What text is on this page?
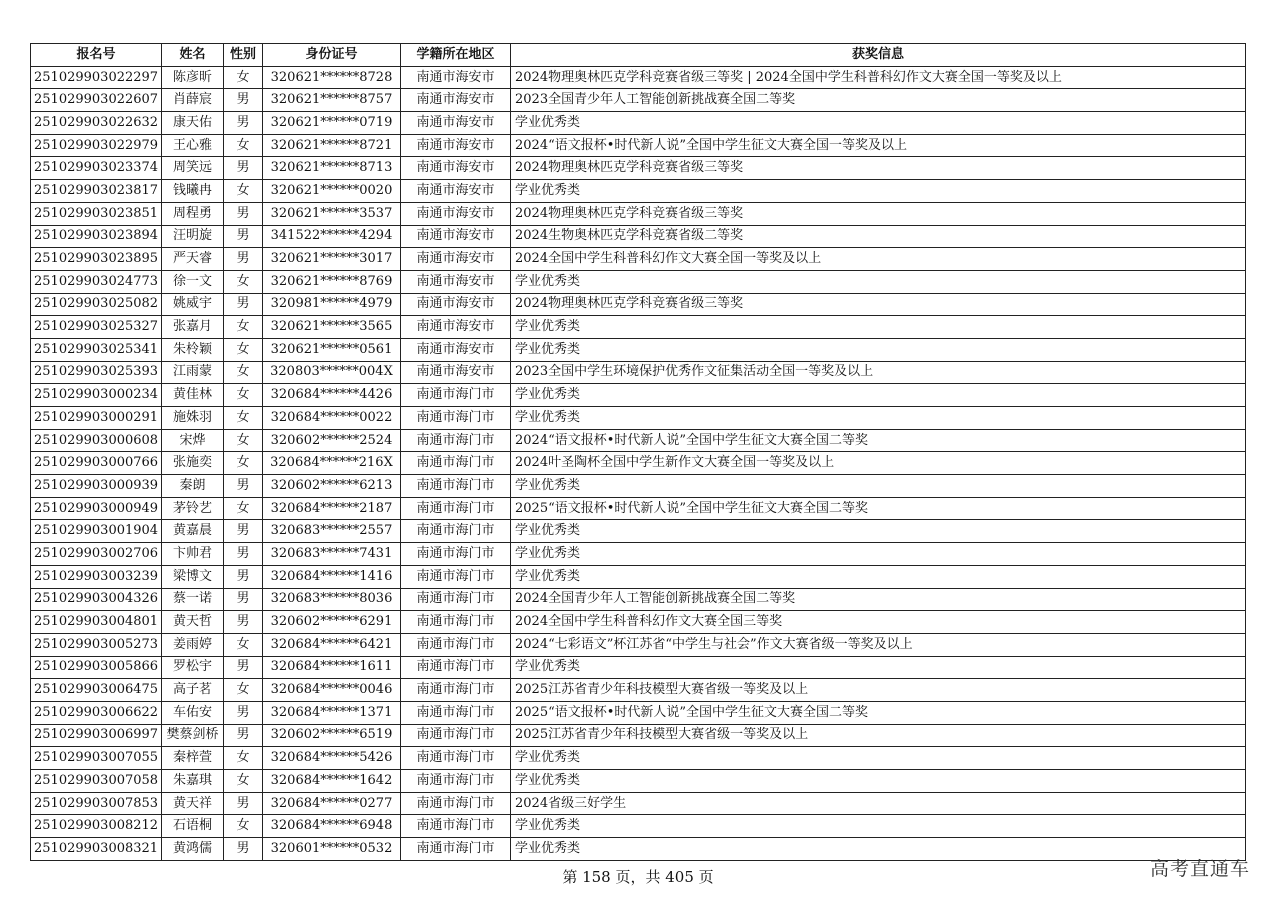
报名号	姓名	性别	身份证号	学籍所在地区	获奖信息
251029903022297	陈彦昕	女	320621******8728	南通市海安市	2024物理奥林匹克学科竞赛省级三等奖 | 2024全国中学生科普科幻作文大赛全国一等奖及以上
251029903022607	肖薛宸	男	320621******8757	南通市海安市	2023全国青少年人工智能创新挑战赛全国二等奖
251029903022632	康天佑	男	320621******0719	南通市海安市	学业优秀类
251029903022979	王心雅	女	320621******8721	南通市海安市	2024“语文报杯•时代新人说”全国中学生征文大赛全国一等奖及以上
251029903023374	周笑远	男	320621******8713	南通市海安市	2024物理奥林匹克学科竞赛省级三等奖
251029903023817	钱曦冉	女	320621******0020	南通市海安市	学业优秀类
251029903023851	周程勇	男	320621******3537	南通市海安市	2024物理奥林匹克学科竞赛省级三等奖
251029903023894	汪明旋	男	341522******4294	南通市海安市	2024生物奥林匹克学科竞赛省级二等奖
251029903023895	严天睿	男	320621******3017	南通市海安市	2024全国中学生科普科幻作文大赛全国一等奖及以上
251029903024773	徐一文	女	320621******8769	南通市海安市	学业优秀类
251029903025082	姚威宇	男	320981******4979	南通市海安市	2024物理奥林匹克学科竞赛省级三等奖
251029903025327	张嘉月	女	320621******3565	南通市海安市	学业优秀类
251029903025341	朱柃颖	女	320621******0561	南通市海安市	学业优秀类
251029903025393	江雨蒙	女	320803******004X	南通市海安市	2023全国中学生环境保护优秀作文征集活动全国一等奖及以上
251029903000234	黄佳林	女	320684******4426	南通市海门市	学业优秀类
251029903000291	施姝羽	女	320684******0022	南通市海门市	学业优秀类
251029903000608	宋烨	女	320602******2524	南通市海门市	2024“语文报杯•时代新人说”全国中学生征文大赛全国二等奖
251029903000766	张施奕	女	320684******216X	南通市海门市	2024叶圣陶杯全国中学生新作文大赛全国一等奖及以上
251029903000939	秦朗	男	320602******6213	南通市海门市	学业优秀类
251029903000949	茅铃艺	女	320684******2187	南通市海门市	2025“语文报杯•时代新人说”全国中学生征文大赛全国二等奖
251029903001904	黄嘉晨	男	320683******2557	南通市海门市	学业优秀类
251029903002706	卞帅君	男	320683******7431	南通市海门市	学业优秀类
251029903003239	梁博文	男	320684******1416	南通市海门市	学业优秀类
251029903004326	蔡一诺	男	320683******8036	南通市海门市	2024全国青少年人工智能创新挑战赛全国二等奖
251029903004801	黄天哲	男	320602******6291	南通市海门市	2024全国中学生科普科幻作文大赛全国三等奖
251029903005273	姜雨婷	女	320684******6421	南通市海门市	2024“七彩语文”杯江苏省“中学生与社会”作文大赛省级一等奖及以上
251029903005866	罗松宇	男	320684******1611	南通市海门市	学业优秀类
251029903006475	高子茗	女	320684******0046	南通市海门市	2025江苏省青少年科技模型大赛省级一等奖及以上
251029903006622	车佑安	男	320684******1371	南通市海门市	2025“语文报杯•时代新人说”全国中学生征文大赛全国二等奖
251029903006997	樊蔡剑桥	男	320602******6519	南通市海门市	2025江苏省青少年科技模型大赛省级一等奖及以上
251029903007055	秦梓萱	女	320684******5426	南通市海门市	学业优秀类
251029903007058	朱嘉琪	女	320684******1642	南通市海门市	学业优秀类
251029903007853	黄天祥	男	320684******0277	南通市海门市	2024省级三好学生
251029903008212	石语桐	女	320684******6948	南通市海门市	学业优秀类
251029903008321	黄鸿儒	男	320601******0532	南通市海门市	学业优秀类
第 158 页，共 405 页	高考直通车
